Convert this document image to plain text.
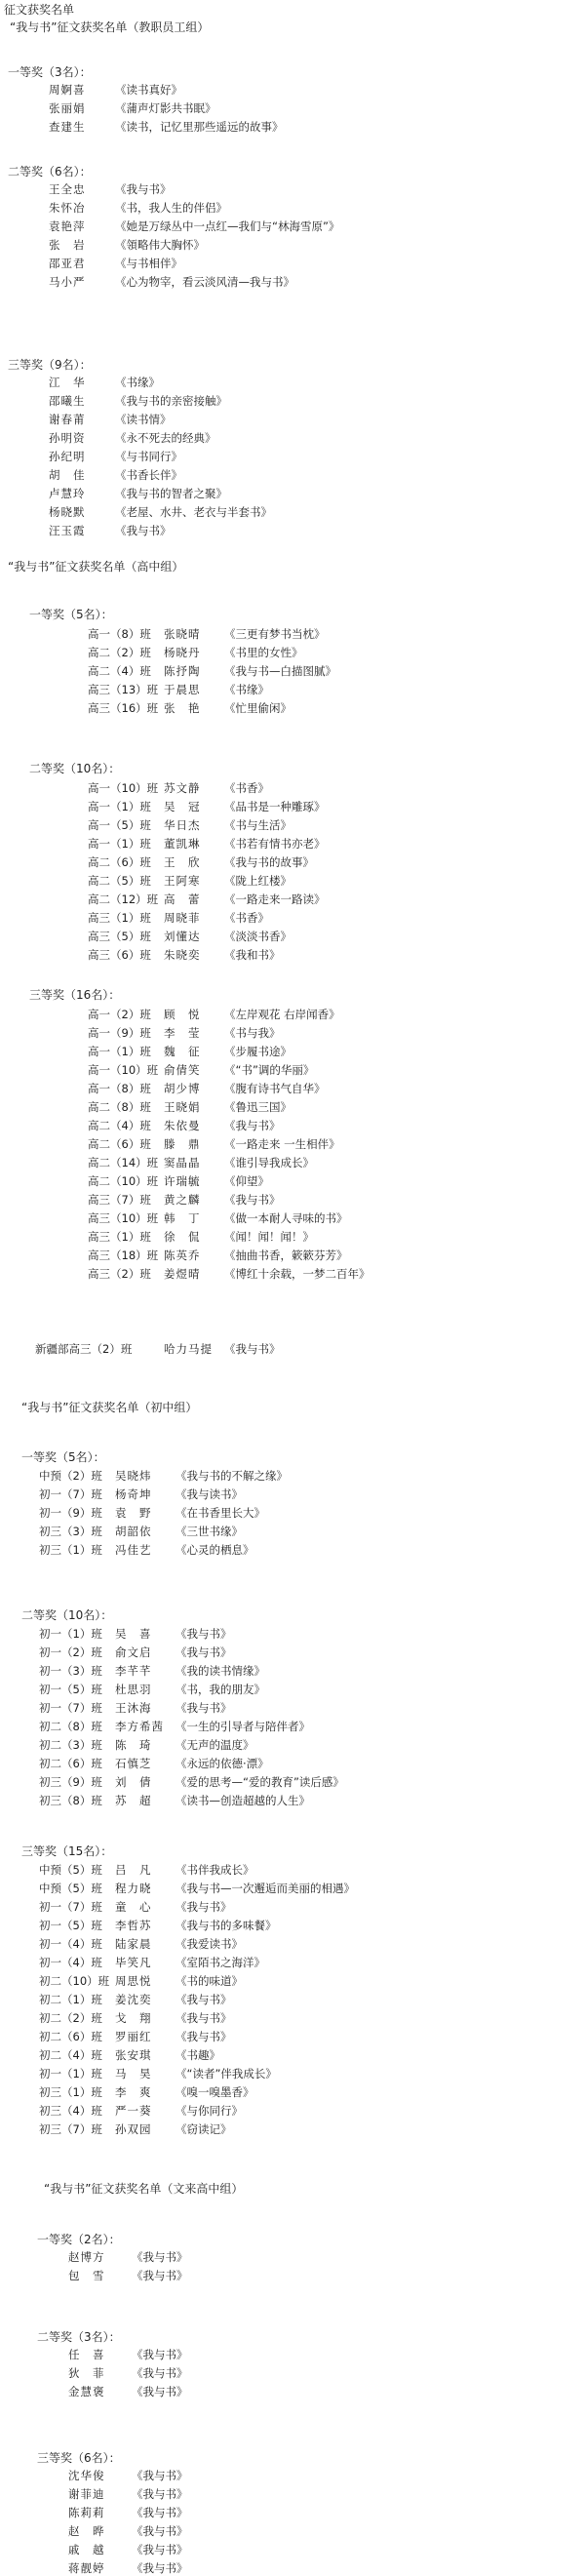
征文获奖名单
“我与书”征文获奖名单（教职员工组）
一等奖（3名）：
周婀喜	《读书真好》
张丽娟	《蒲声灯影共书眠》
查建生	《读书，记忆里那些遥远的故事》
二等奖（6名）：
王全忠	《我与书》
朱怀冶	《书，我人生的伴侣》
袁艳萍	《她是万绿丛中一点红—我们与“林海雪原”》
张　岩	《領略伟大胸怀》
邵亚君	《与书相伴》
马小严	《心为物宰，看云淡风清—我与书》
三等奖（9名）：
江　华	《书缘》
邵曦生	《我与书的亲密接触》
谢春莆	《读书情》
孙明资	《永不死去的经典》
孙纪明	《与书同行》
胡　佳	《书香长伴》
卢慧玲	《我与书的智者之聚》
杨晓默	《老屋、水井、老衣与半套书》
汪玉霞	《我与书》
“我与书”征文获奖名单（高中组）
一等奖（5名）：
高一（8）班 张晓晴 《三更有梦书当枕》
高二（2）班 杨晓丹 《书里的女性》
高二（4）班 陈抒陶 《我与书—白描图腻》
高三（13）班 于晨思 《书缘》
高三（16）班 张　艳 《忙里偷闲》
二等奖（10名）：
高一（10）班 苏文静 《书香》
高一（1）班 吴　冠 《品书是一种雕琢》
高一（5）班 华日杰 《书与生活》
高一（1）班 董凯琳 《书若有情书亦老》
高二（6）班 王　欣 《我与书的故事》
高二（5）班 王阿寒 《陇上红楼》
高二（12）班 高　蕾 《一路走来一路读》
高三（1）班 周晓菲 《书香》
高三（5）班 刘懂达 《淡淡书香》
高三（6）班 朱晓奕 《我和书》
三等奖（16名）：
高一（2）班 顾　悦 《左岸观花 右岸闻香》
高一（9）班 李　莹 《书与我》
高一（1）班 魏　征 《步履书途》
高一（10）班 俞倩笑 《“书”调的华丽》
高一（8）班 胡少博 《腹有诗书气自华》
高二（8）班 王晓娟 《鲁迅三国》
高二（4）班 朱依曼 《我与书》
高二（6）班 滕　鼎 《一路走来 一生相伴》
高二（14）班 窦晶晶 《谁引导我成长》
高二（10）班 许瑞毓 《仰望》
高三（7）班 黄之麟 《我与书》
高三（10）班 韩　丁 《做一本耐人寻味的书》
高三（1）班 徐　侃 《闻！闻！闻！》
高三（18）班 陈英乔 《抽曲书香，簌簌芬芳》
高三（2）班 姜煜晴 《博红十余载，一梦二百年》
新疆部高三（2）班	哈力马提 《我与书》
“我与书”征文获奖名单（初中组）
一等奖（5名）：
中预（2）班 吴晓炜 《我与书的不解之缘》
初一（7）班 杨奇坤 《我与读书》
初一（9）班 袁　野 《在书香里长大》
初三（3）班 胡韶依 《三世书缘》
初三（1）班 冯佳艺 《心灵的栖息》
二等奖（10名）：
初一（1）班 吴　喜 《我与书》
初一（2）班 俞文启 《我与书》
初一（3）班 李芊芊 《我的读书情缘》
初一（5）班 杜思羽 《书，我的朋友》
初一（7）班 王沐海 《我与书》
初二（8）班 李方希茜 《一生的引导者与陪伴者》
初二（3）班 陈　琦 《无声的温度》
初二（6）班 石慎芝 《永远的依德·漂》
初三（9）班 刘　倩 《爱的思考—“爱的教育”读后感》
初三（8）班 苏　超 《读书—创造超越的人生》
三等奖（15名）：
中预（5）班 吕　凡 《书伴我成长》
中预（5）班 程力晓 《我与书—一次邂逅而美丽的相遇》
初一（7）班 童　心 《我与书》
初一（5）班 李哲苏 《我与书的多味餐》
初一（4）班 陆家晨 《我爱读书》
初一（4）班 毕笑凡 《室陌书之海洋》
初二（10）班 周思悦 《书的味道》
初二（1）班 姜沈奕 《我与书》
初二（2）班 戈　翔 《我与书》
初二（6）班 罗丽红 《我与书》
初二（4）班 张安琪 《书趣》
初一（1）班 马　昊 《“读者”伴我成长》
初三（1）班 李　爽 《嗅一嗅墨香》
初三（4）班 严一葵 《与你同行》
初三（7）班 孙双园 《窃读记》
“我与书”征文获奖名单（文来高中组）
一等奖（2名）：
赵博方 《我与书》
包　雪 《我与书》
二等奖（3名）：
任　喜 《我与书》
狄　菲 《我与书》
金慧褒 《我与书》
三等奖（6名）：
沈华俊 《我与书》
谢菲迪 《我与书》
陈莉莉 《我与书》
赵　晔 《我与书》
戚　越 《我与书》
蒋靓婷 《我与书》
